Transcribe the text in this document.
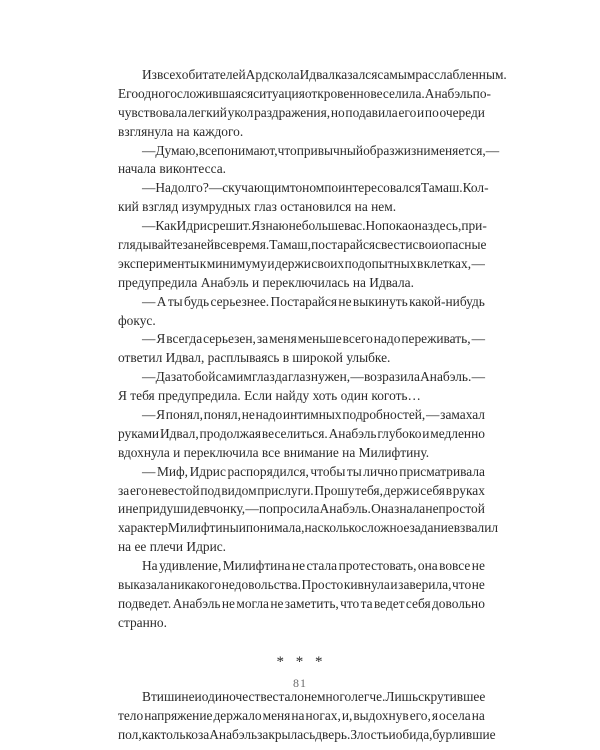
Из всех обитателей Ардскола Идвал казался самым расслабленным.
Его одного сложившаяся ситуация откровенно веселила. Анабэль по-
чувствовала легкий укол раздражения, но подавила его и по очереди
взглянула на каждого.
— Думаю, все понимают, что привычный образ жизни меняется, —
начала виконтесса.
— Надолго? — скучающим тоном поинтересовался Тамаш. Кол-
кий взгляд изумрудных глаз остановился на нем.
— Как Идрис решит. Я знаю не больше вас. Но пока она здесь, при-
глядывайте за ней все время. Тамаш, постарайся свести свои опасные
эксперименты к минимуму и держи своих подопытных в клетках, —
предупредила Анабэль и переключилась на Идвала.
— А ты будь серьезнее. Постарайся не выкинуть какой-нибудь
фокус.
— Я всегда серьезен, за меня меньше всего надо переживать, —
ответил Идвал, расплываясь в широкой улыбке.
— Да за тобой самим глаз да глаз нужен, — возразила Анабэль. —
Я тебя предупредила. Если найду хоть один коготь…
— Я понял, понял, не надо интимных подробностей, — замахал
руками Идвал, продолжая веселиться. Анабэль глубоко и медленно
вдохнула и переключила все внимание на Милифтину.
— Миф, Идрис распорядился, чтобы ты лично присматривала
за его невестой под видом прислуги. Прошу тебя, держи себя в руках
и не придуши девчонку, — попросила Анабэль. Она знала непростой
характер Милифтины и понимала, насколько сложное задание взвалил
на ее плечи Идрис.
На удивление, Милифтина не стала протестовать, она вовсе не
выказала никакого недовольства. Просто кивнула и заверила, что не
подведет. Анабэль не могла не заметить, что та ведет себя довольно
странно.
* * *
В тишине и одиночестве стало немного легче. Лишь скрутившее
тело напряжение держало меня на ногах, и, выдохнув его, я осела на
пол, как только за Анабэль закрылась дверь. Злость и обида, бурлившие
81
